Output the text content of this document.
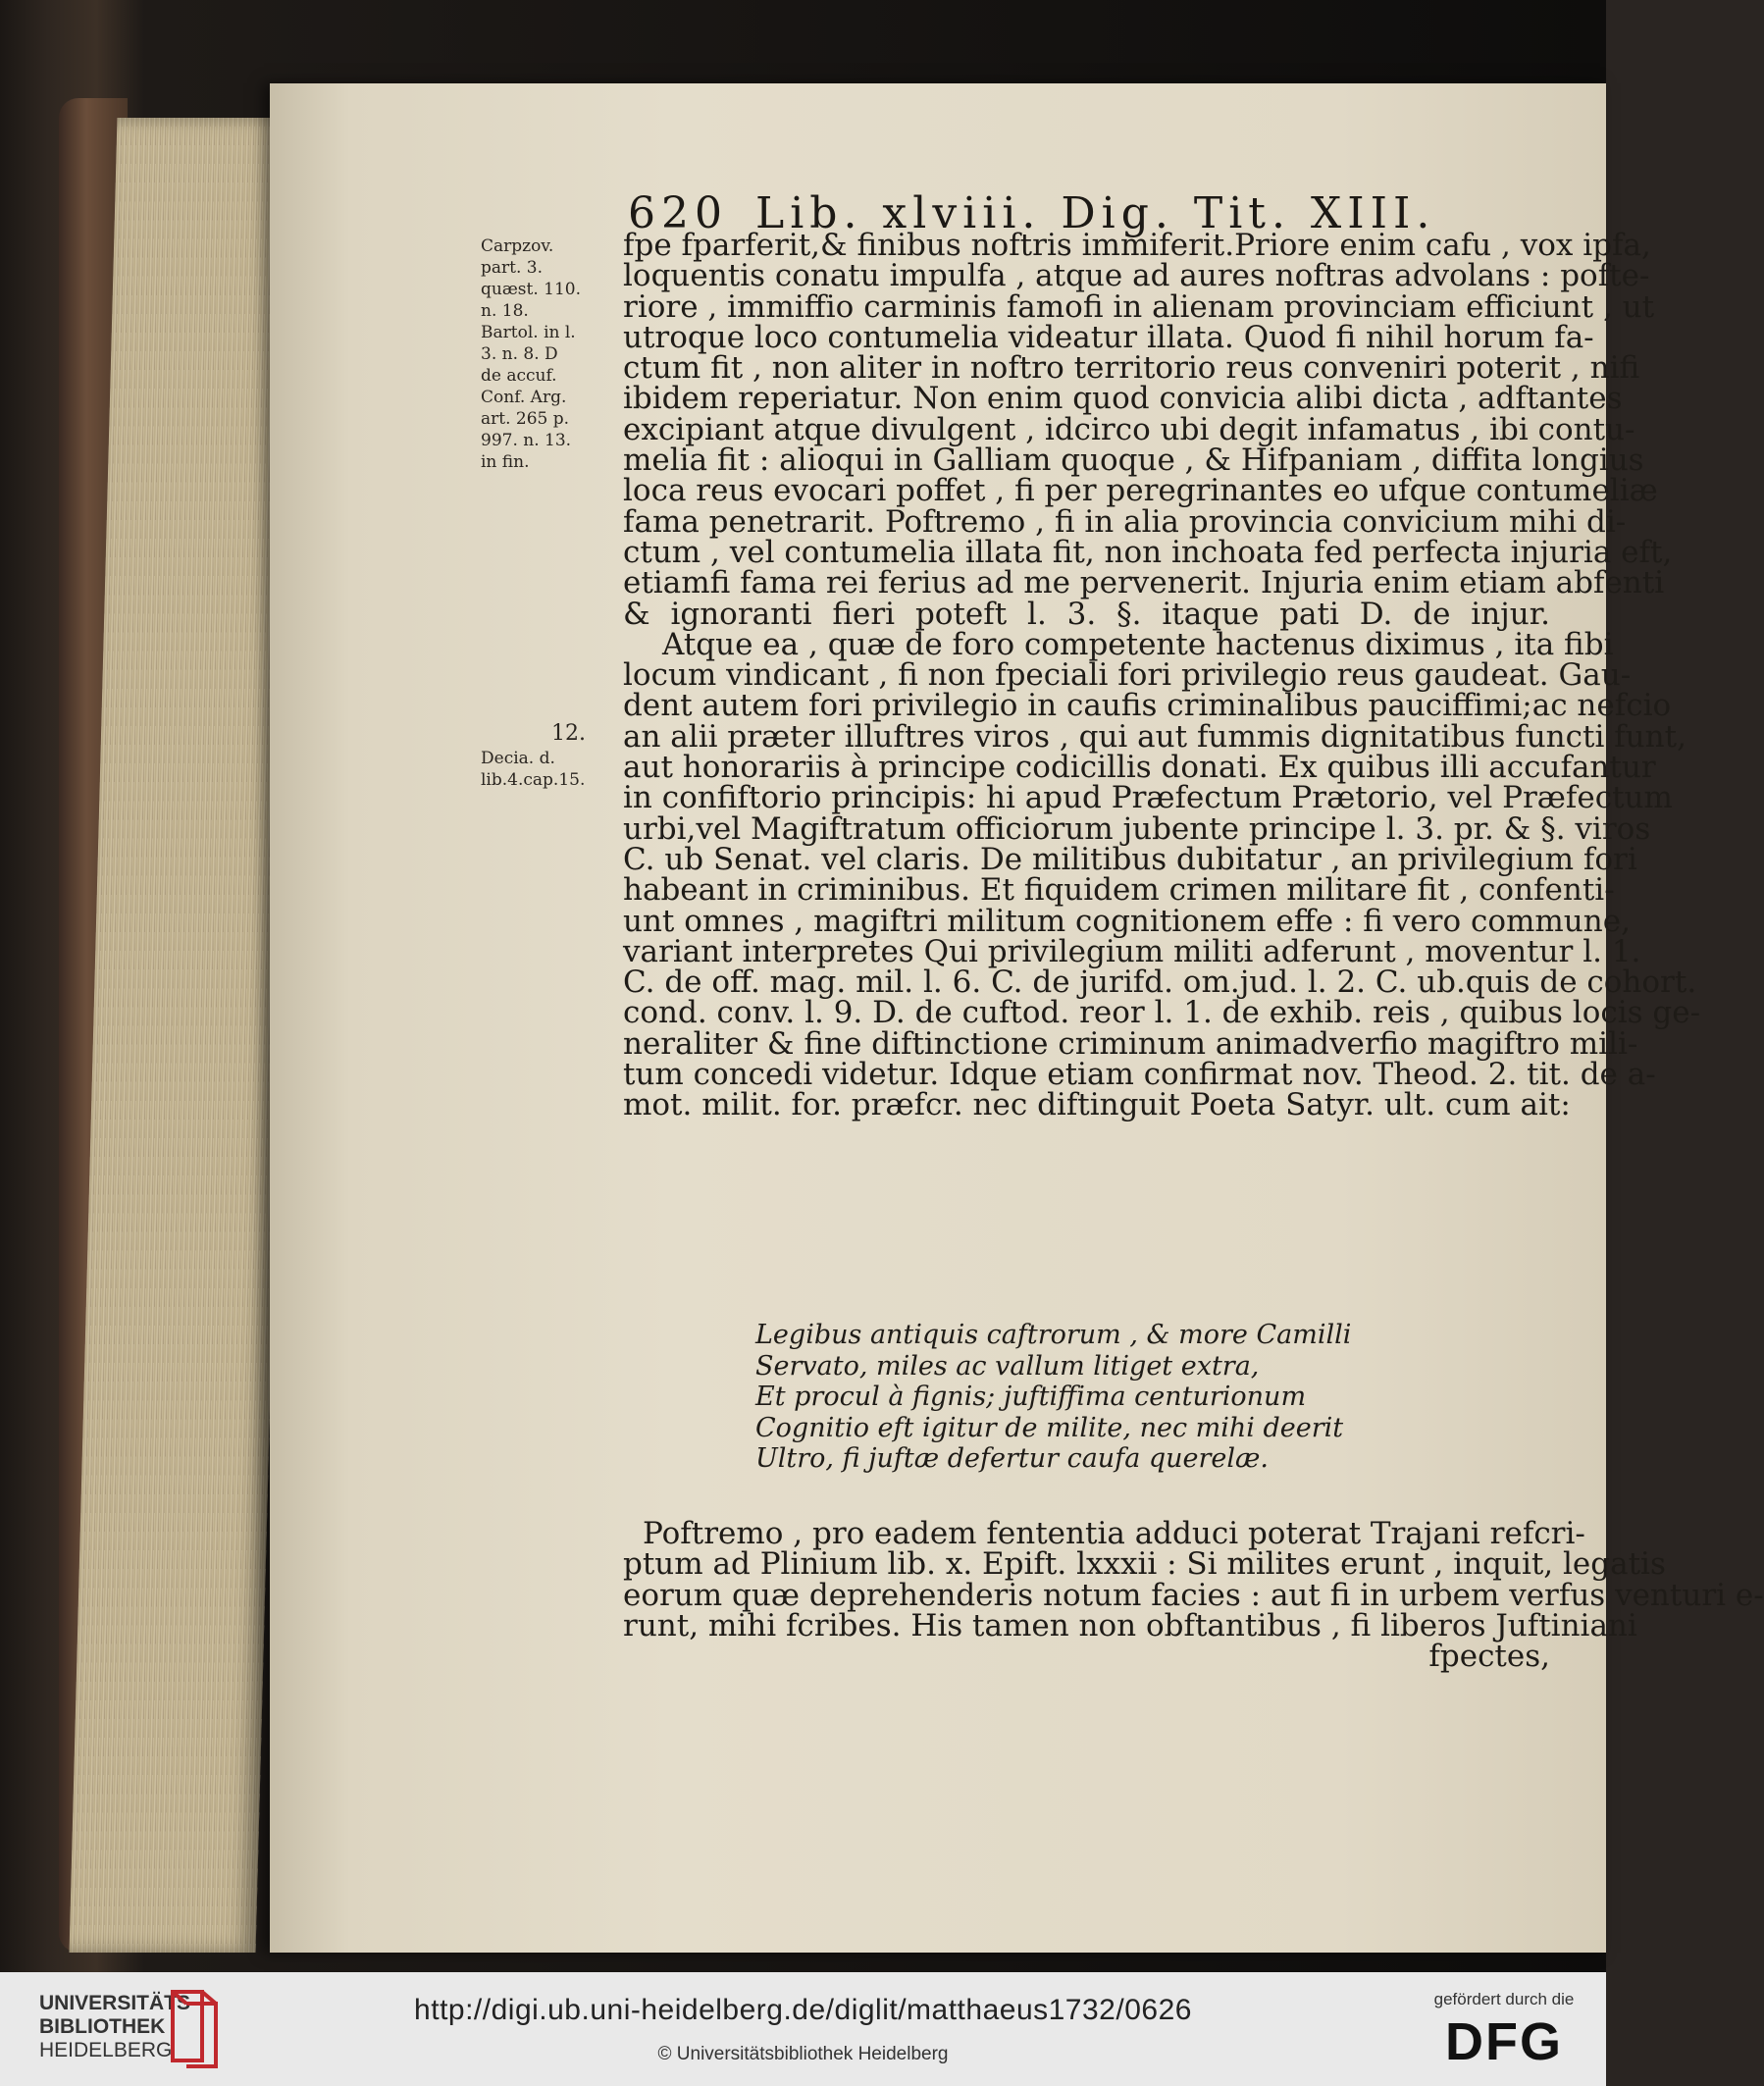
620 Lib. xlviii. Dig. Tit. XIII.
Carpzov.
part. 3.
quæst. 110.
n. 18.
Bartol. in l.
3. n. 8. D
de accuf.
Conf. Arg.
art. 265 p.
997. n. 13.
in fin.
12.
Decia. d.
lib.4.cap.15.
fpe fparferit,& finibus noftris immiferit.Priore enim cafu , vox ipfa,
loquentis conatu impulfa , atque ad aures noftras advolans : pofte-
riore , immiffio carminis famofi in alienam provinciam efficiunt , ut
utroque loco contumelia videatur illata. Quod fi nihil horum fa-
ctum fit , non aliter in noftro territorio reus conveniri poterit , nifi
ibidem reperiatur. Non enim quod convicia alibi dicta , adftantes
excipiant atque divulgent , idcirco ubi degit infamatus , ibi contu-
melia fit : alioqui in Galliam quoque , & Hifpaniam , diffita longius
loca reus evocari poffet , fi per peregrinantes eo ufque contumeliæ
fama penetrarit. Poftremo , fi in alia provincia convicium mihi di-
ctum , vel contumelia illata fit, non inchoata fed perfecta injuria eft,
etiamfi fama rei ferius ad me pervenerit. Injuria enim etiam abfenti
& ignoranti fieri poteft l. 3. §. itaque pati D. de injur.
Atque ea , quæ de foro competente hactenus diximus , ita fibi
locum vindicant , fi non fpeciali fori privilegio reus gaudeat. Gau-
dent autem fori privilegio in caufis criminalibus pauciffimi;ac nefcio
an alii præter illuftres viros , qui aut fummis dignitatibus functi funt,
aut honorariis à principe codicillis donati. Ex quibus illi accufantur
in confiftorio principis: hi apud Præfectum Prætorio, vel Præfectum
urbi,vel Magiftratum officiorum jubente principe l. 3. pr. & §. viros
C. ub Senat. vel claris. De militibus dubitatur , an privilegium fori
habeant in criminibus. Et fiquidem crimen militare fit , confenti-
unt omnes , magiftri militum cognitionem effe : fi vero commune,
variant interpretes Qui privilegium militi adferunt , moventur l. 1.
C. de off. mag. mil. l. 6. C. de jurifd. om.jud. l. 2. C. ub.quis de cohort.
cond. conv. l. 9. D. de cuftod. reor l. 1. de exhib. reis , quibus locis ge-
neraliter & fine diftinctione criminum animadverfio magiftro mili-
tum concedi videtur. Idque etiam confirmat nov. Theod. 2. tit. de a-
mot. milit. for. præfcr. nec diftinguit Poeta Satyr. ult. cum ait:
Legibus antiquis caftrorum , & more Camilli
Servato, miles ac vallum litiget extra,
Et procul à fignis; juftiffima centurionum
Cognitio eft igitur de milite, nec mihi deerit
Ultro, fi juftæ defertur caufa querelæ.
Poftremo , pro eadem fententia adduci poterat Trajani refcri-
ptum ad Plinium lib. x. Epift. lxxxii : Si milites erunt , inquit, legatis
eorum quæ deprehenderis notum facies : aut fi in urbem verfus venturi e-
runt, mihi fcribes. His tamen non obftantibus , fi liberos Juftiniani
fpectes,
UNIVERSITÄTS-
BIBLIOTHEK
HEIDELBERG
http://digi.ub.uni-heidelberg.de/diglit/matthaeus1732/0626
© Universitätsbibliothek Heidelberg
gefördert durch die
DFG
